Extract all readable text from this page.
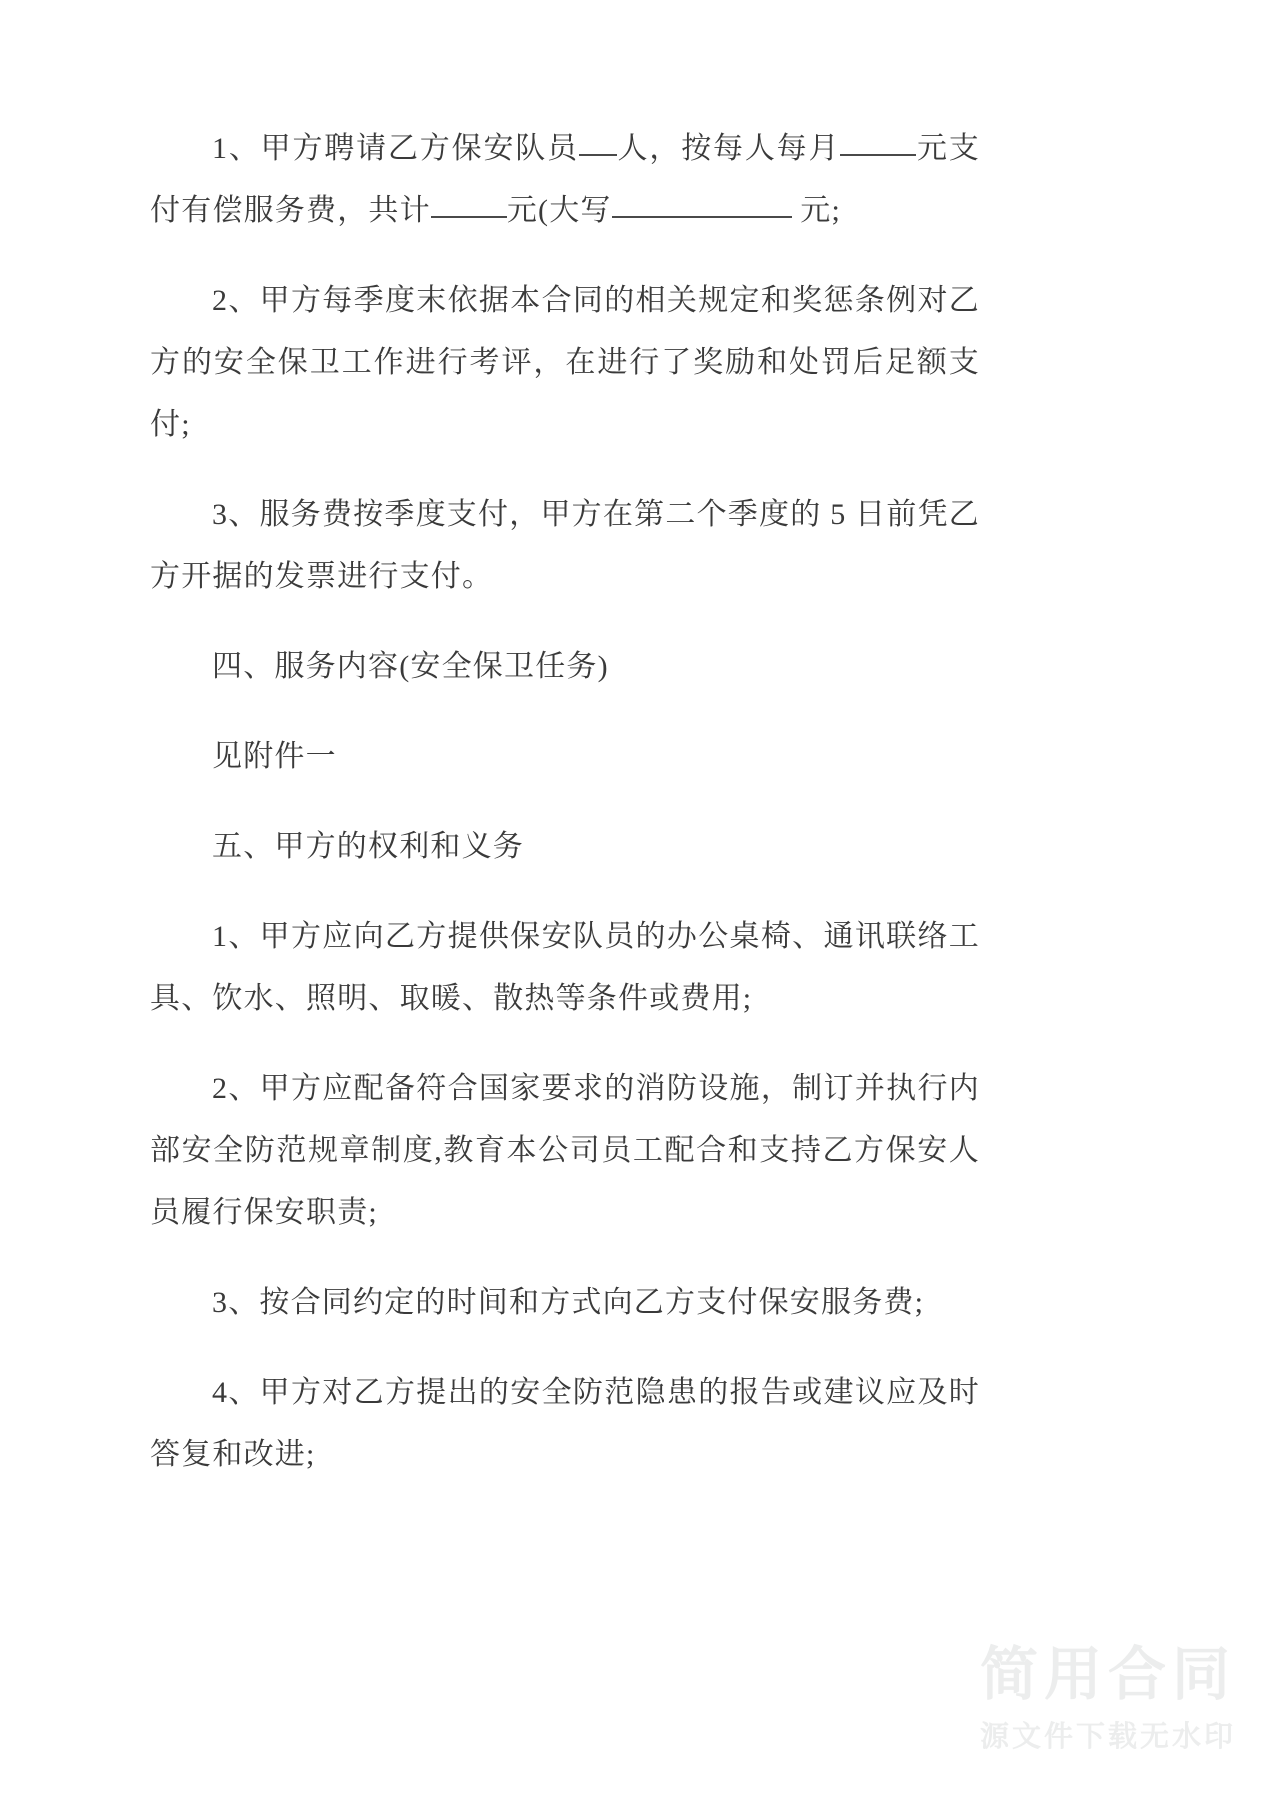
1、甲方聘请乙方保安队员 人，按每人每月	元支付有偿服务费，共计	元(大写	元;

2、甲方每季度末依据本合同的相关规定和奖惩条例对乙方的安全保卫工作进行考评，在进行了奖励和处罚后足额支付;

3、服务费按季度支付，甲方在第二个季度的 5 日前凭乙方开据的发票进行支付。

四、服务内容(安全保卫任务)

见附件一

五、甲方的权利和义务

1、甲方应向乙方提供保安队员的办公桌椅、通讯联络工具、饮水、照明、取暖、散热等条件或费用;

2、甲方应配备符合国家要求的消防设施，制订并执行内部安全防范规章制度,教育本公司员工配合和支持乙方保安人员履行保安职责;

3、按合同约定的时间和方式向乙方支付保安服务费;

4、甲方对乙方提出的安全防范隐患的报告或建议应及时答复和改进;

简用合同
源文件下载无水印
